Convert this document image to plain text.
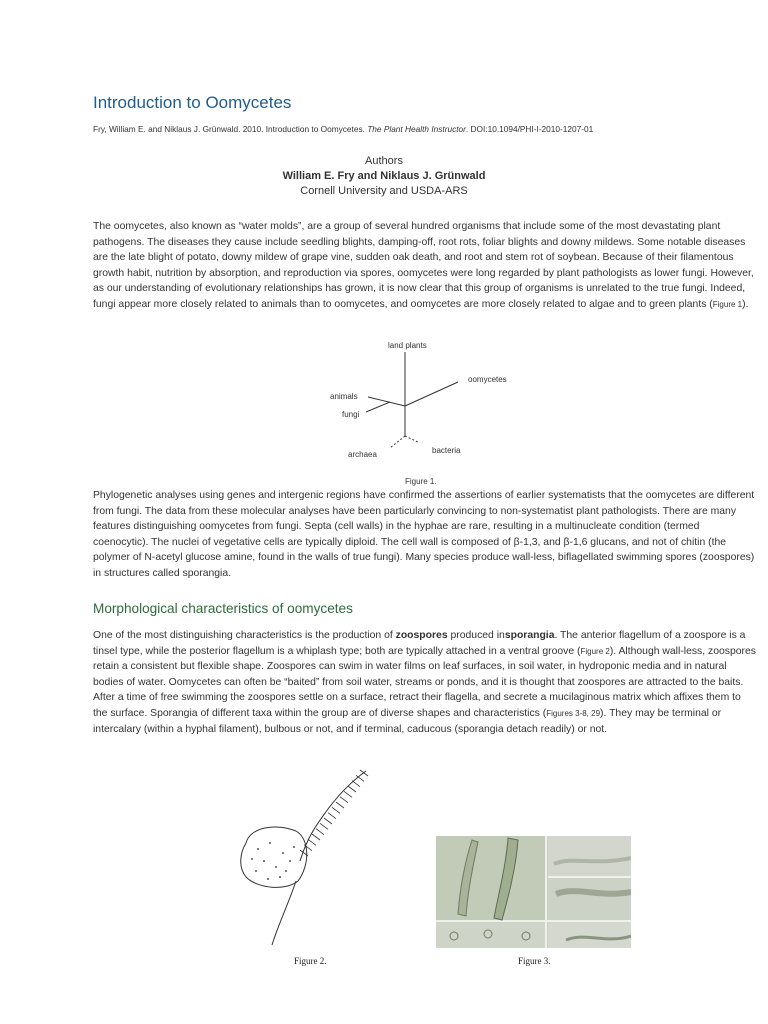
Introduction to Oomycetes
Fry, William E. and Niklaus J. Grünwald. 2010. Introduction to Oomycetes. The Plant Health Instructor. DOI:10.1094/PHI-I-2010-1207-01
Authors
William E. Fry and Niklaus J. Grünwald
Cornell University and USDA-ARS
The oomycetes, also known as “water molds”, are a group of several hundred organisms that include some of the most devastating plant pathogens. The diseases they cause include seedling blights, damping-off, root rots, foliar blights and downy mildews. Some notable diseases are the late blight of potato, downy mildew of grape vine, sudden oak death, and root and stem rot of soybean. Because of their filamentous growth habit, nutrition by absorption, and reproduction via spores, oomycetes were long regarded by plant pathologists as lower fungi. However, as our understanding of evolutionary relationships has grown, it is now clear that this group of organisms is unrelated to the true fungi. Indeed, fungi appear more closely related to animals than to oomycetes, and oomycetes are more closely related to algae and to green plants (Figure 1).
land plants
oomycetes
animals
fungi
archaea	bacteria
Figure 1.
Phylogenetic analyses using genes and intergenic regions have confirmed the assertions of earlier systematists that the oomycetes are different from fungi. The data from these molecular analyses have been particularly convincing to non-systematist plant pathologists. There are many features distinguishing oomycetes from fungi. Septa (cell walls) in the hyphae are rare, resulting in a multinucleate condition (termed coenocytic). The nuclei of vegetative cells are typically diploid. The cell wall is composed of β-1,3, and β-1,6 glucans, and not of chitin (the polymer of N-acetyl glucose amine, found in the walls of true fungi). Many species produce wall-less, biflagellated swimming spores (zoospores) in structures called sporangia.
Morphological characteristics of oomycetes
One of the most distinguishing characteristics is the production of zoospores produced insporangia. The anterior flagellum of a zoospore is a tinsel type, while the posterior flagellum is a whiplash type; both are typically attached in a ventral groove (Figure 2). Although wall-less, zoospores retain a consistent but flexible shape. Zoospores can swim in water films on leaf surfaces, in soil water, in hydroponic media and in natural bodies of water. Oomycetes can often be “baited” from soil water, streams or ponds, and it is thought that zoospores are attracted to the baits. After a time of free swimming the zoospores settle on a surface, retract their flagella, and secrete a mucilaginous matrix which affixes them to the surface. Sporangia of different taxa within the group are of diverse shapes and characteristics (Figures 3-8, 29). They may be terminal or intercalary (within a hyphal filament), bulbous or not, and if terminal, caducous (sporangia detach readily) or not.
Figure 2.	Figure 3.
